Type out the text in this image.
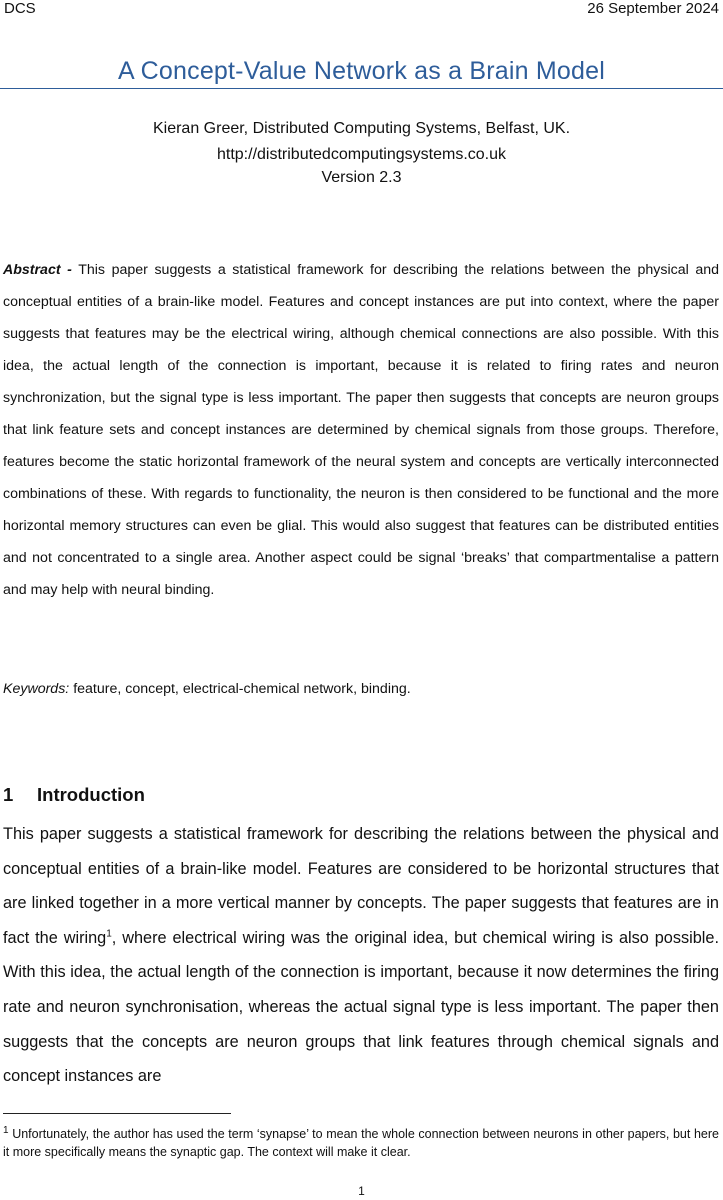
DCS	26 September 2024
A Concept-Value Network as a Brain Model
Kieran Greer, Distributed Computing Systems, Belfast, UK.
http://distributedcomputingsystems.co.uk
Version 2.3

Abstract - This paper suggests a statistical framework for describing the relations between the physical and conceptual entities of a brain-like model. Features and concept instances are put into context, where the paper suggests that features may be the electrical wiring, although chemical connections are also possible. With this idea, the actual length of the connection is important, because it is related to firing rates and neuron synchronization, but the signal type is less important. The paper then suggests that concepts are neuron groups that link feature sets and concept instances are determined by chemical signals from those groups. Therefore, features become the static horizontal framework of the neural system and concepts are vertically interconnected combinations of these. With regards to functionality, the neuron is then considered to be functional and the more horizontal memory structures can even be glial. This would also suggest that features can be distributed entities and not concentrated to a single area. Another aspect could be signal ‘breaks’ that compartmentalise a pattern and may help with neural binding.

Keywords: feature, concept, electrical-chemical network, binding.

1 Introduction

This paper suggests a statistical framework for describing the relations between the physical and conceptual entities of a brain-like model. Features are considered to be horizontal structures that are linked together in a more vertical manner by concepts. The paper suggests that features are in fact the wiring$^1$, where electrical wiring was the original idea, but chemical wiring is also possible. With this idea, the actual length of the connection is important, because it now determines the firing rate and neuron synchronisation, whereas the actual signal type is less important. The paper then suggests that the concepts are neuron groups that link features through chemical signals and concept instances are

$^1$ Unfortunately, the author has used the term ‘synapse’ to mean the whole connection between neurons in other papers, but here it more specifically means the synaptic gap. The context will make it clear.

1
